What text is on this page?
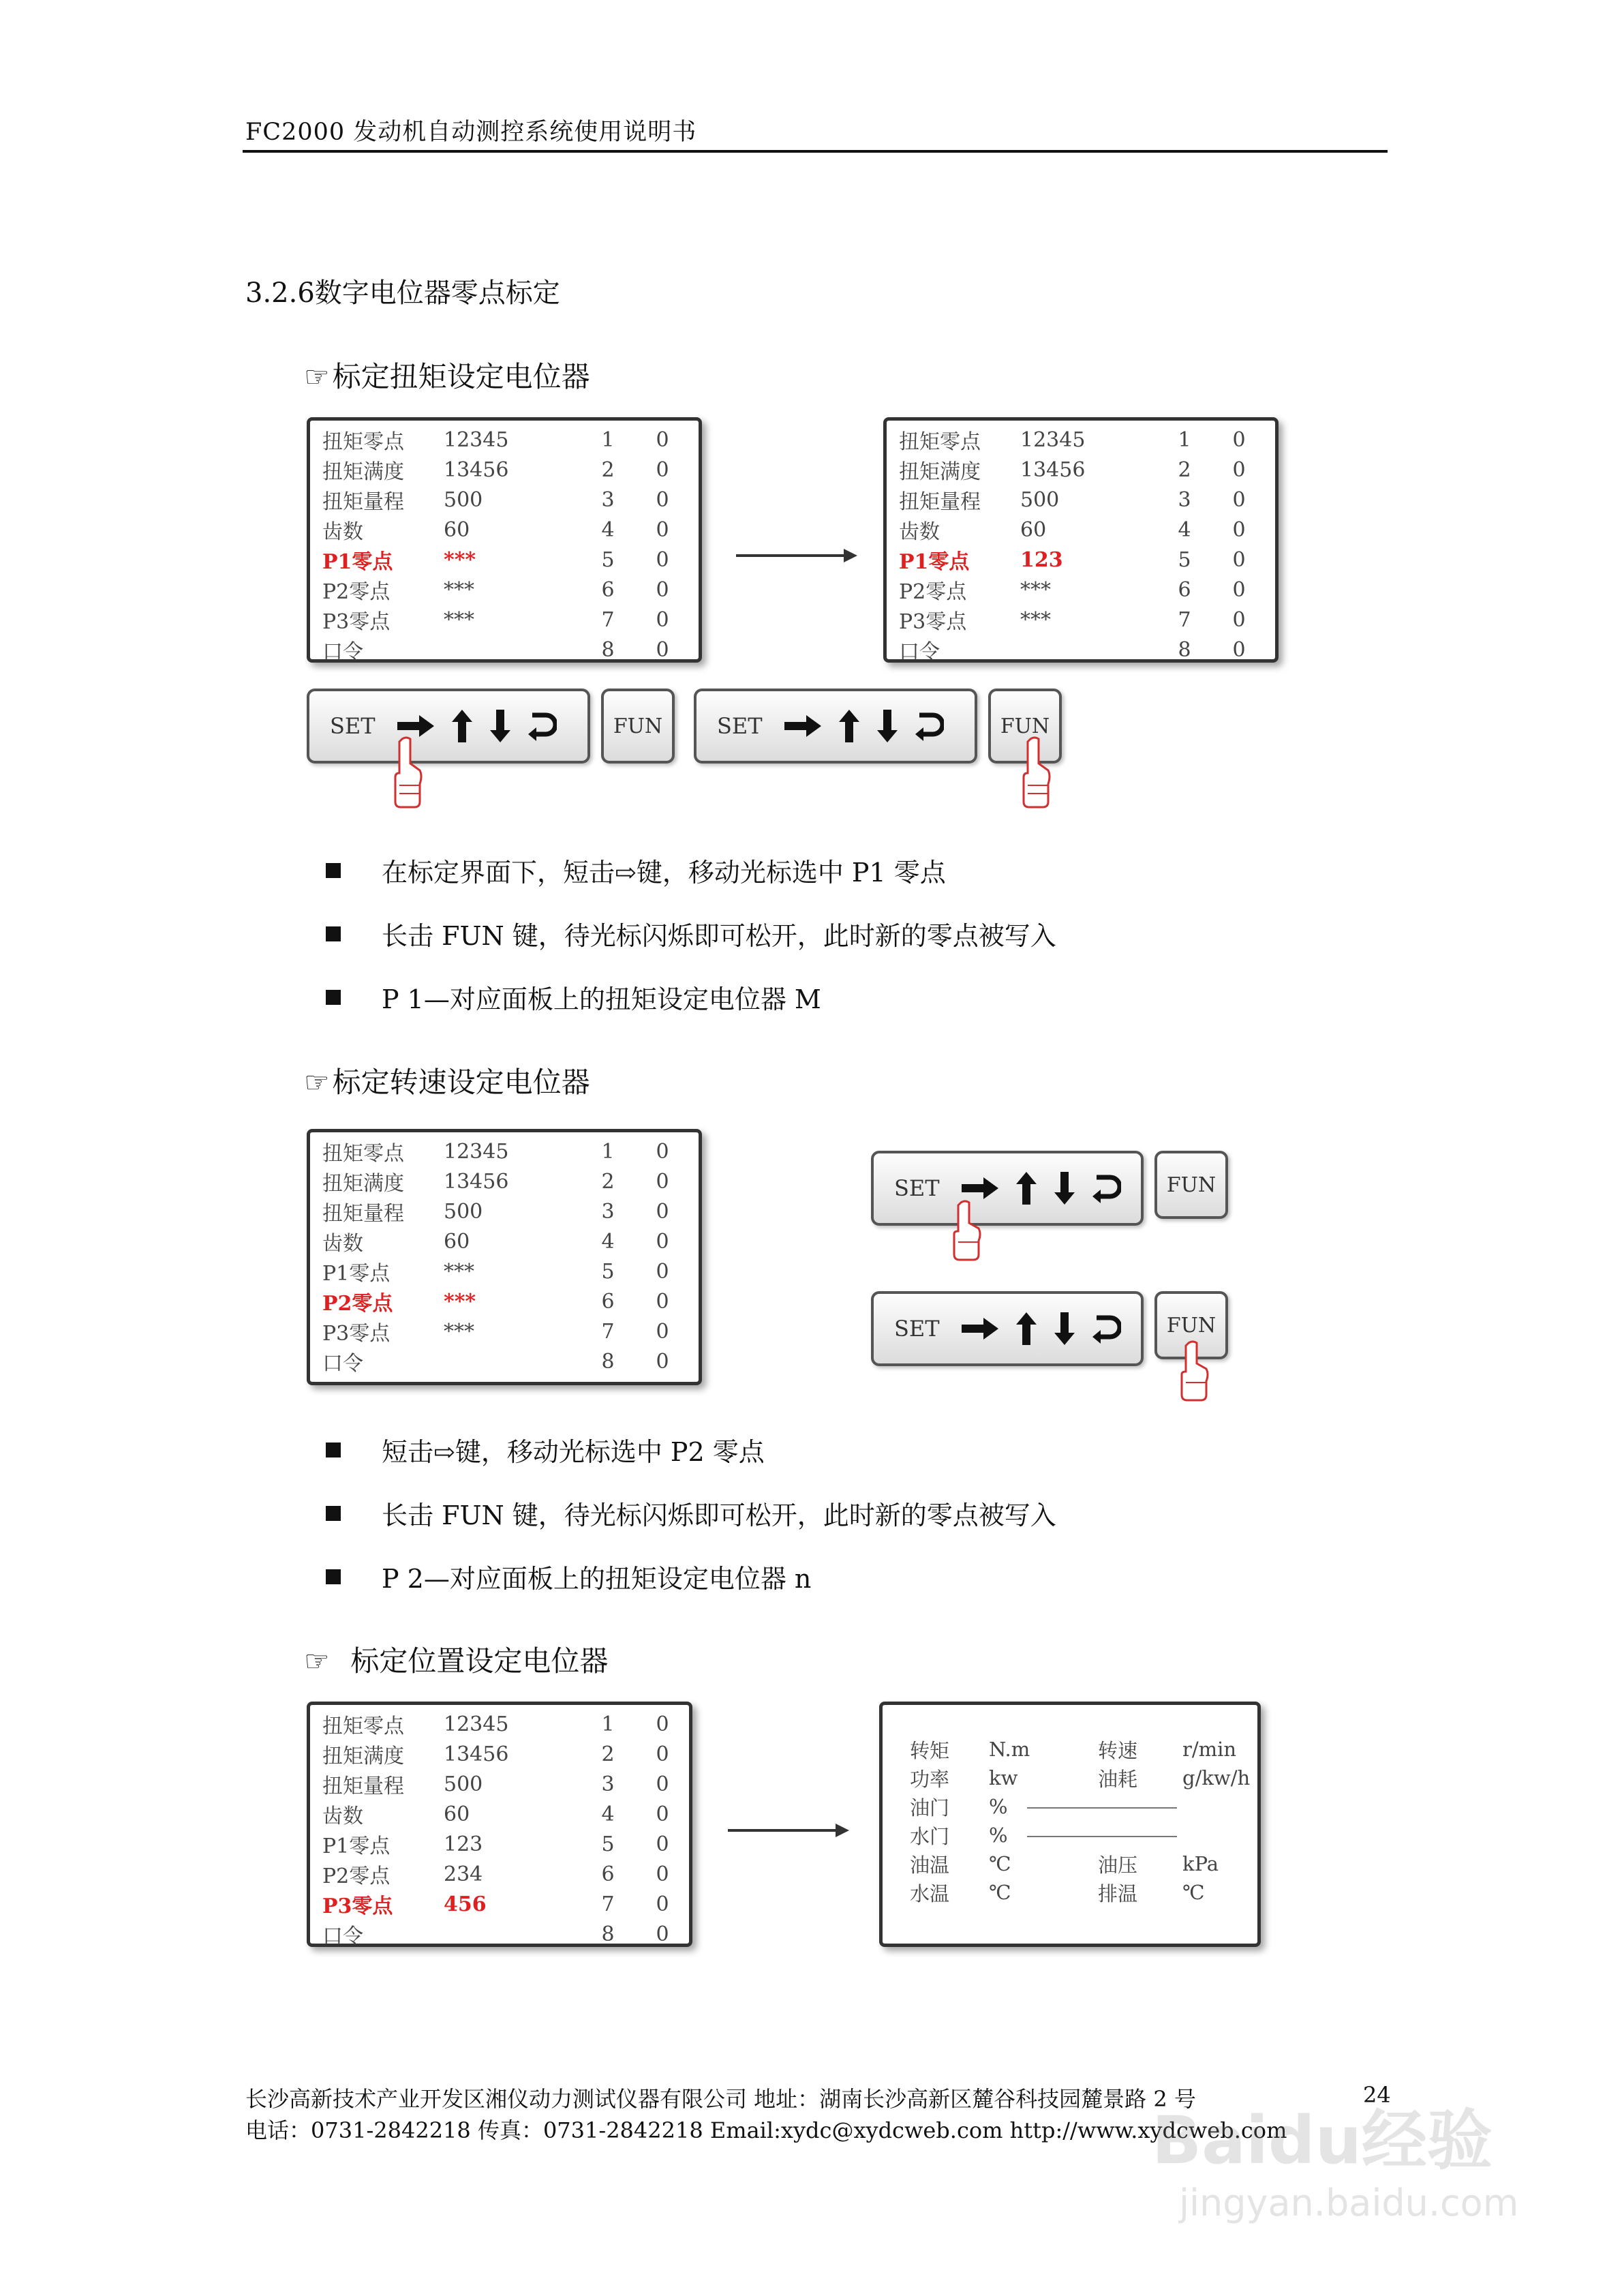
FC2000 发动机自动测控系统使用说明书
3.2.6数字电位器零点标定
☞标定扭矩设定电位器
扭矩零点	12345	1	0
扭矩满度	13456	2	0
扭矩量程	500	3	0
齿数	60	4	0
P1零点	***	5	0
P2零点	***	6	0
P3零点	***	7	0
口令		8	0
扭矩零点	12345	1	0
扭矩满度	13456	2	0
扭矩量程	500	3	0
齿数	60	4	0
P1零点	123	5	0
P2零点	***	6	0
P3零点	***	7	0
口令		8	0
SET	FUN	SET	FUN
在标定界面下，短击⇨键，移动光标选中 P1 零点
长击 FUN 键，待光标闪烁即可松开，此时新的零点被写入
P 1—对应面板上的扭矩设定电位器 M
☞标定转速设定电位器
扭矩零点	12345	1	0
扭矩满度	13456	2	0
扭矩量程	500	3	0
齿数	60	4	0
P1零点	***	5	0
P2零点	***	6	0
P3零点	***	7	0
口令		8	0
SET	FUN
SET	FUN
短击⇨键，移动光标选中 P2 零点
长击 FUN 键，待光标闪烁即可松开，此时新的零点被写入
P 2—对应面板上的扭矩设定电位器 n
☞ 标定位置设定电位器
扭矩零点	12345	1	0
扭矩满度	13456	2	0
扭矩量程	500	3	0
齿数	60	4	0
P1零点	123	5	0
P2零点	234	6	0
P3零点	456	7	0
口令		8	0
转矩	N.m	转速	r/min
功率	kw	油耗	g/kw/h
油门	%		
水门	%		
油温	℃	油压	kPa
水温	℃	排温	℃
长沙高新技术产业开发区湘仪动力测试仪器有限公司 地址：湖南长沙高新区麓谷科技园麓景路 2 号	24
电话：0731-2842218 传真：0731-2842218 Email:xydc@xydcweb.com http://www.xydcweb.com
Baidu经验
jingyan.baidu.com
